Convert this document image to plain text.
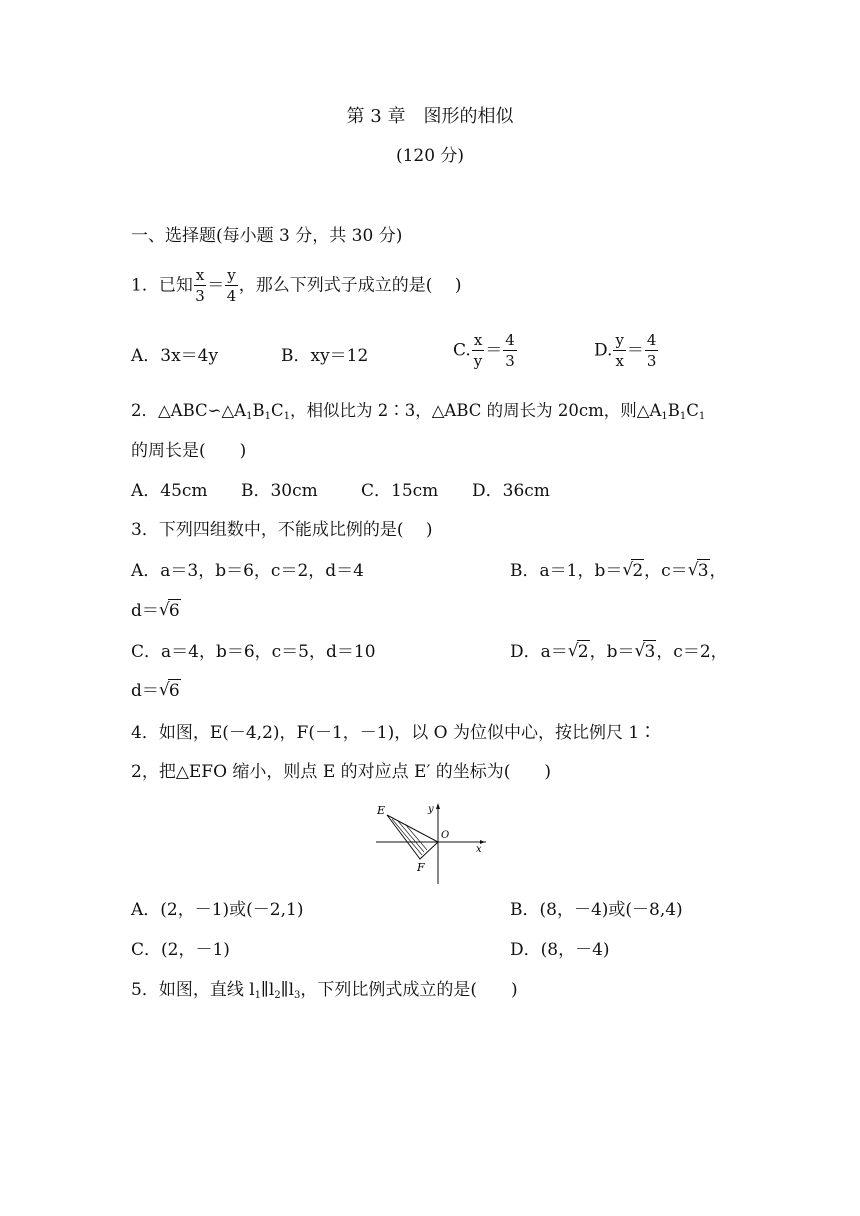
第 3 章　图形的相似
(120 分)
一、选择题(每小题 3 分，共 30 分)
1．已知 $\frac{x}{3} = \frac{y}{4}$ ，那么下列式子成立的是(　 )
A．3x＝4y	B．xy＝12	C. $\frac{x}{y} = \frac{4}{3}$	D. $\frac{y}{x} = \frac{4}{3}$
2．$\triangle ABC∽\triangle A_1B_1C_1$，相似比为 2∶3，△ABC 的周长为 20cm，则$\triangle A_1B_1C_1$
的周长是(　　)
A．45cm B．30cm	C．15cm D．36cm
3．下列四组数中，不能成比例的是(　 )
A．a＝3，b＝6，c＝2，d＝4	B．a＝1，b＝ √ 2，c＝ √ 3，
d＝ √ 6
C．a＝4，b＝6，c＝5，d＝10	D．a＝ √ 2，b＝ √ 3，c＝2，
d＝ √ 6
4．如图，E(－4,2)，F(－1，－1)，以 O 为位似中心，按比例尺 1∶
2，把△EFO 缩小，则点 E 的对应点 E′ 的坐标为(　　)
E
F
O
x
y
A．(2，－1)或(－2,1)	B．(8，－4)或(－8,4)
C．(2，－1)	D．(8，－4)
5．如图，直线 $l_1\parallel l_2\parallel l_3$，下列比例式成立的是(　　)
